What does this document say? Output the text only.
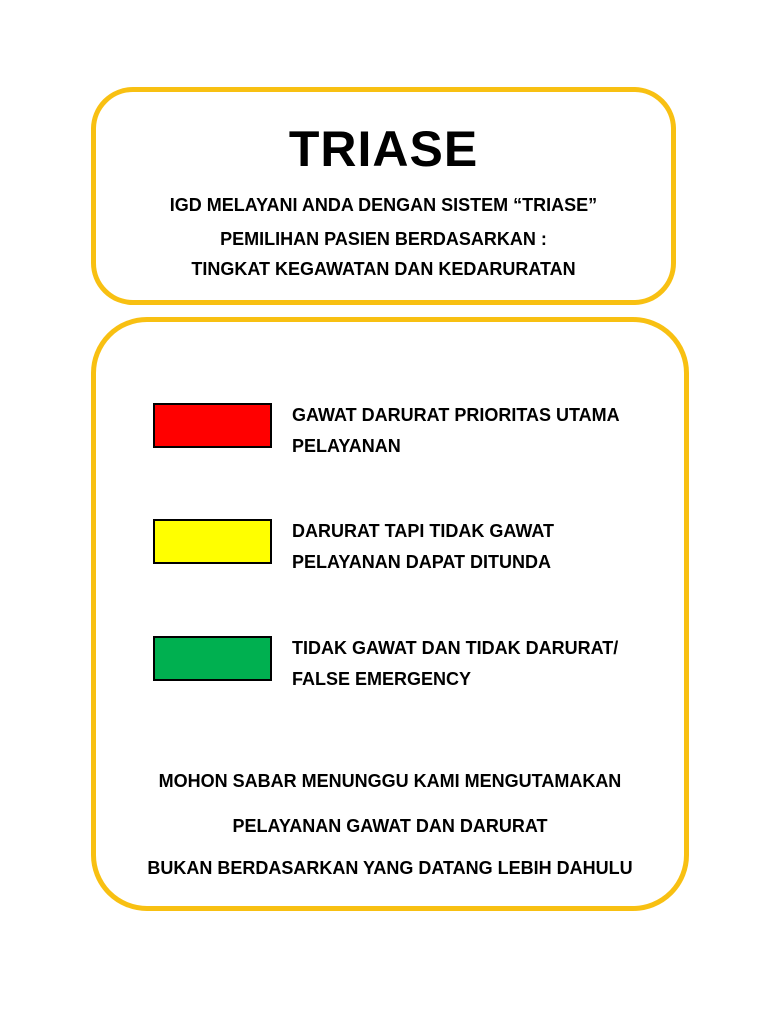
TRIASE
IGD MELAYANI ANDA DENGAN SISTEM “TRIASE”
PEMILIHAN PASIEN BERDASARKAN :
TINGKAT KEGAWATAN DAN KEDARURATAN
GAWAT DARURAT PRIORITAS UTAMA
PELAYANAN
DARURAT TAPI TIDAK GAWAT
PELAYANAN DAPAT DITUNDA
TIDAK GAWAT DAN TIDAK DARURAT/
FALSE EMERGENCY
MOHON SABAR MENUNGGU KAMI MENGUTAMAKAN
PELAYANAN GAWAT DAN DARURAT
BUKAN BERDASARKAN YANG DATANG LEBIH DAHULU
